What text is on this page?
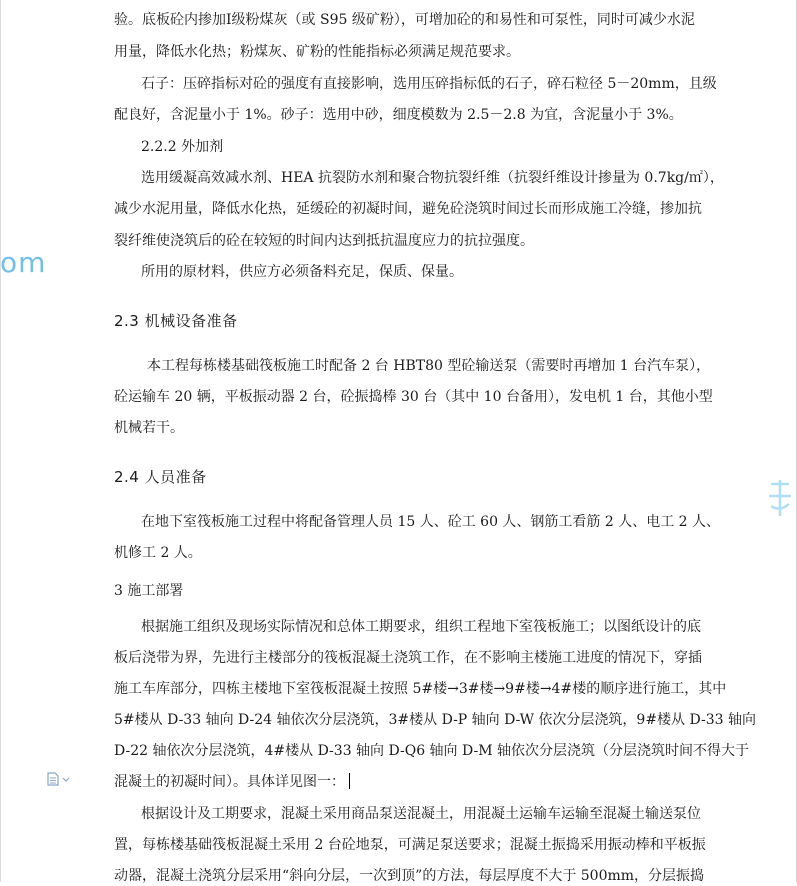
om
验。底板砼内掺加Ⅰ级粉煤灰（或 S95 级矿粉），可增加砼的和易性和可泵性，同时可减少水泥
用量，降低水化热；粉煤灰、矿粉的性能指标必须满足规范要求。
石子：压碎指标对砼的强度有直接影响，选用压碎指标低的石子，碎石粒径 5－20mm，且级
配良好，含泥量小于 1%。砂子：选用中砂，细度模数为 2.5－2.8 为宜，含泥量小于 3%。
2.2.2 外加剂
选用缓凝高效减水剂、HEA 抗裂防水剂和聚合物抗裂纤维（抗裂纤维设计掺量为 0.7kg/㎡），
减少水泥用量，降低水化热，延缓砼的初凝时间，避免砼浇筑时间过长而形成施工冷缝，掺加抗
裂纤维使浇筑后的砼在较短的时间内达到抵抗温度应力的抗拉强度。
所用的原材料，供应方必须备料充足，保质、保量。
2.3 机械设备准备
本工程每栋楼基础筏板施工时配备 2 台 HBT80 型砼输送泵（需要时再增加 1 台汽车泵），
砼运输车 20 辆，平板振动器 2 台，砼振捣棒 30 台（其中 10 台备用），发电机 1 台，其他小型
机械若干。
2.4 人员准备
在地下室筏板施工过程中将配备管理人员 15 人、砼工 60 人、钢筋工看筋 2 人、电工 2 人、
机修工 2 人。
3 施工部署
根据施工组织及现场实际情况和总体工期要求，组织工程地下室筏板施工；以图纸设计的底
板后浇带为界，先进行主楼部分的筏板混凝土浇筑工作，在不影响主楼施工进度的情况下，穿插
施工车库部分，四栋主楼地下室筏板混凝土按照 5#楼→3#楼→9#楼→4#楼的顺序进行施工，其中
5#楼从 D-33 轴向 D-24 轴依次分层浇筑，3#楼从 D-P 轴向 D-W 依次分层浇筑，9#楼从 D-33 轴向
D-22 轴依次分层浇筑，4#楼从 D-33 轴向 D-Q6 轴向 D-M 轴依次分层浇筑（分层浇筑时间不得大于
混凝土的初凝时间）。具体详见图一：
根据设计及工期要求，混凝土采用商品泵送混凝土，用混凝土运输车运输至混凝土输送泵位
置，每栋楼基础筏板混凝土采用 2 台砼地泵，可满足泵送要求；混凝土振捣采用振动棒和平板振
动器，混凝土浇筑分层采用“斜向分层，一次到顶”的方法，每层厚度不大于 500mm，分层振捣
